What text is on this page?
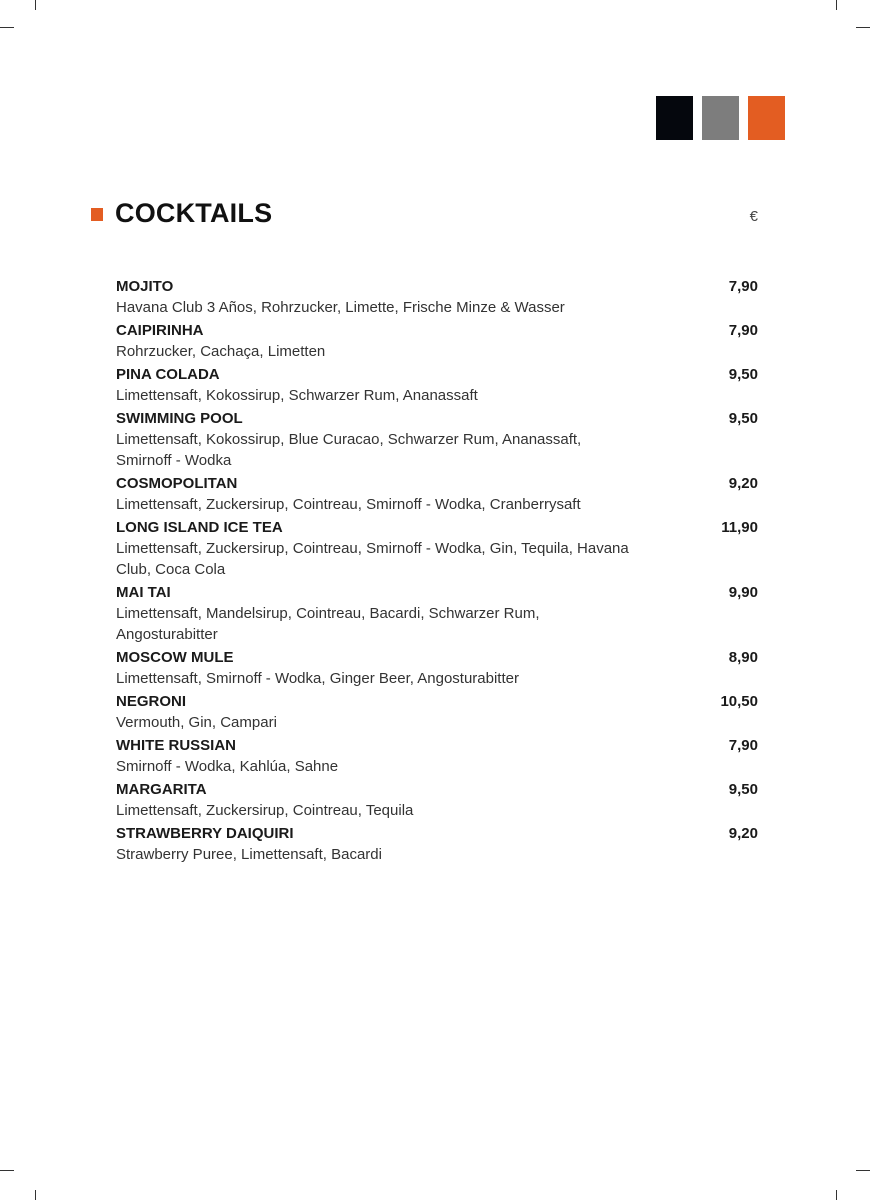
COCKTAILS	€
MOJITO
Havana Club 3 Años, Rohrzucker, Limette, Frische Minze & Wasser
7,90
CAIPIRINHA
Rohrzucker, Cachaça, Limetten
7,90
PINA COLADA
Limettensaft, Kokossirup, Schwarzer Rum, Ananassaft
9,50
SWIMMING POOL
Limettensaft, Kokossirup, Blue Curacao, Schwarzer Rum, Ananassaft, Smirnoff - Wodka
9,50
COSMOPOLITAN
Limettensaft, Zuckersirup, Cointreau, Smirnoff - Wodka, Cranberrysaft
9,20
LONG ISLAND ICE TEA
Limettensaft, Zuckersirup, Cointreau, Smirnoff - Wodka, Gin, Tequila, Havana Club, Coca Cola
11,90
MAI TAI
Limettensaft, Mandelsirup, Cointreau, Bacardi, Schwarzer Rum, Angosturabitter
9,90
MOSCOW MULE
Limettensaft, Smirnoff - Wodka, Ginger Beer, Angosturabitter
8,90
NEGRONI
Vermouth, Gin, Campari
10,50
WHITE RUSSIAN
Smirnoff - Wodka, Kahlúa, Sahne
7,90
MARGARITA
Limettensaft, Zuckersirup, Cointreau, Tequila
9,50
STRAWBERRY DAIQUIRI
Strawberry Puree, Limettensaft, Bacardi
9,20
